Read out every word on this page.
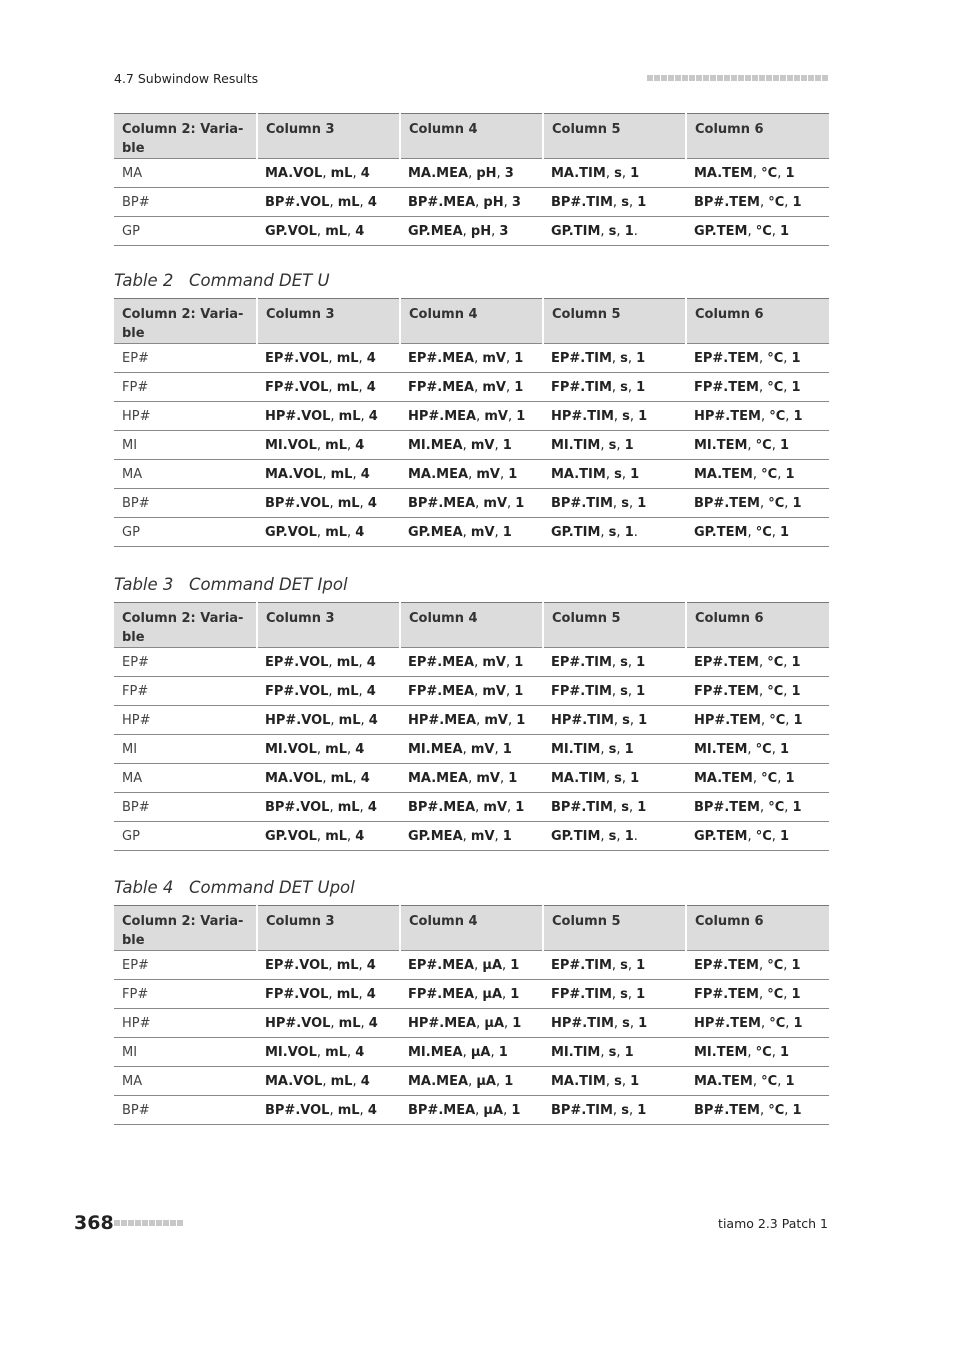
4.7 Subwindow Results
Column 2: Varia-
ble	Column 3	Column 4	Column 5	Column 6
MA	MA.VOL, mL, 4	MA.MEA, pH, 3	MA.TIM, s, 1	MA.TEM, °C, 1
BP#	BP#.VOL, mL, 4	BP#.MEA, pH, 3	BP#.TIM, s, 1	BP#.TEM, °C, 1
GP	GP.VOL, mL, 4	GP.MEA, pH, 3	GP.TIM, s, 1.	GP.TEM, °C, 1
Table 2 Command DET U
Column 2: Varia-
ble	Column 3	Column 4	Column 5	Column 6
EP#	EP#.VOL, mL, 4	EP#.MEA, mV, 1	EP#.TIM, s, 1	EP#.TEM, °C, 1
FP#	FP#.VOL, mL, 4	FP#.MEA, mV, 1	FP#.TIM, s, 1	FP#.TEM, °C, 1
HP#	HP#.VOL, mL, 4	HP#.MEA, mV, 1	HP#.TIM, s, 1	HP#.TEM, °C, 1
MI	MI.VOL, mL, 4	MI.MEA, mV, 1	MI.TIM, s, 1	MI.TEM, °C, 1
MA	MA.VOL, mL, 4	MA.MEA, mV, 1	MA.TIM, s, 1	MA.TEM, °C, 1
BP#	BP#.VOL, mL, 4	BP#.MEA, mV, 1	BP#.TIM, s, 1	BP#.TEM, °C, 1
GP	GP.VOL, mL, 4	GP.MEA, mV, 1	GP.TIM, s, 1.	GP.TEM, °C, 1
Table 3 Command DET Ipol
Column 2: Varia-
ble	Column 3	Column 4	Column 5	Column 6
EP#	EP#.VOL, mL, 4	EP#.MEA, mV, 1	EP#.TIM, s, 1	EP#.TEM, °C, 1
FP#	FP#.VOL, mL, 4	FP#.MEA, mV, 1	FP#.TIM, s, 1	FP#.TEM, °C, 1
HP#	HP#.VOL, mL, 4	HP#.MEA, mV, 1	HP#.TIM, s, 1	HP#.TEM, °C, 1
MI	MI.VOL, mL, 4	MI.MEA, mV, 1	MI.TIM, s, 1	MI.TEM, °C, 1
MA	MA.VOL, mL, 4	MA.MEA, mV, 1	MA.TIM, s, 1	MA.TEM, °C, 1
BP#	BP#.VOL, mL, 4	BP#.MEA, mV, 1	BP#.TIM, s, 1	BP#.TEM, °C, 1
GP	GP.VOL, mL, 4	GP.MEA, mV, 1	GP.TIM, s, 1.	GP.TEM, °C, 1
Table 4 Command DET Upol
Column 2: Varia-
ble	Column 3	Column 4	Column 5	Column 6
EP#	EP#.VOL, mL, 4	EP#.MEA, µA, 1	EP#.TIM, s, 1	EP#.TEM, °C, 1
FP#	FP#.VOL, mL, 4	FP#.MEA, µA, 1	FP#.TIM, s, 1	FP#.TEM, °C, 1
HP#	HP#.VOL, mL, 4	HP#.MEA, µA, 1	HP#.TIM, s, 1	HP#.TEM, °C, 1
MI	MI.VOL, mL, 4	MI.MEA, µA, 1	MI.TIM, s, 1	MI.TEM, °C, 1
MA	MA.VOL, mL, 4	MA.MEA, µA, 1	MA.TIM, s, 1	MA.TEM, °C, 1
BP#	BP#.VOL, mL, 4	BP#.MEA, µA, 1	BP#.TIM, s, 1	BP#.TEM, °C, 1
368	tiamo 2.3 Patch 1
